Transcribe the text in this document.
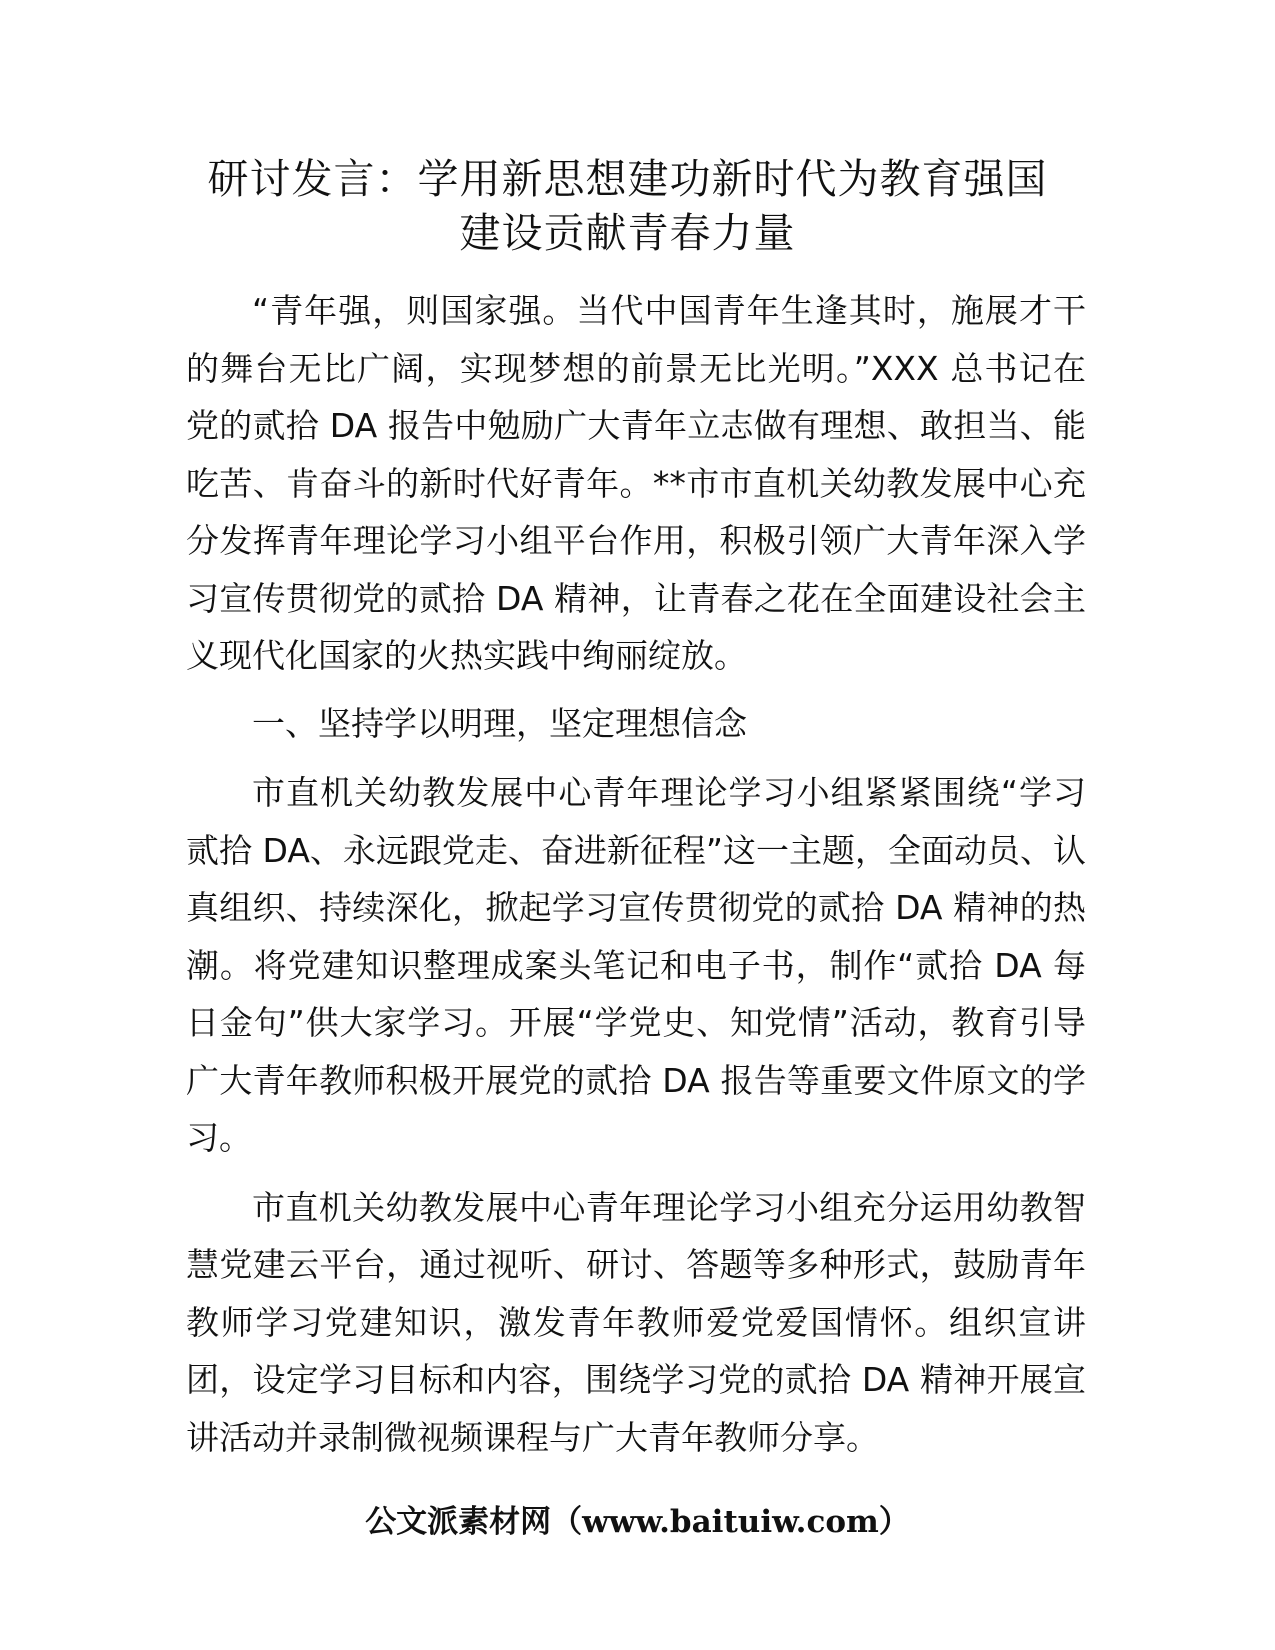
研讨发言：学用新思想建功新时代为教育强国
建设贡献青春力量

“青年强，则国家强。当代中国青年生逢其时，施展才干的舞台无比广阔，实现梦想的前景无比光明。”XXX 总书记在党的贰拾 DA 报告中勉励广大青年立志做有理想、敢担当、能吃苦、肯奋斗的新时代好青年。**市市直机关幼教发展中心充分发挥青年理论学习小组平台作用，积极引领广大青年深入学习宣传贯彻党的贰拾 DA 精神，让青春之花在全面建设社会主义现代化国家的火热实践中绚丽绽放。

一、坚持学以明理，坚定理想信念

市直机关幼教发展中心青年理论学习小组紧紧围绕“学习贰拾 DA、永远跟党走、奋进新征程”这一主题，全面动员、认真组织、持续深化，掀起学习宣传贯彻党的贰拾 DA 精神的热潮。将党建知识整理成案头笔记和电子书，制作“贰拾 DA 每日金句”供大家学习。开展“学党史、知党情”活动，教育引导广大青年教师积极开展党的贰拾 DA 报告等重要文件原文的学习。

市直机关幼教发展中心青年理论学习小组充分运用幼教智慧党建云平台，通过视听、研讨、答题等多种形式，鼓励青年教师学习党建知识，激发青年教师爱党爱国情怀。组织宣讲团，设定学习目标和内容，围绕学习党的贰拾 DA 精神开展宣讲活动并录制微视频课程与广大青年教师分享。

公文派素材网（www.baituiw.com）
